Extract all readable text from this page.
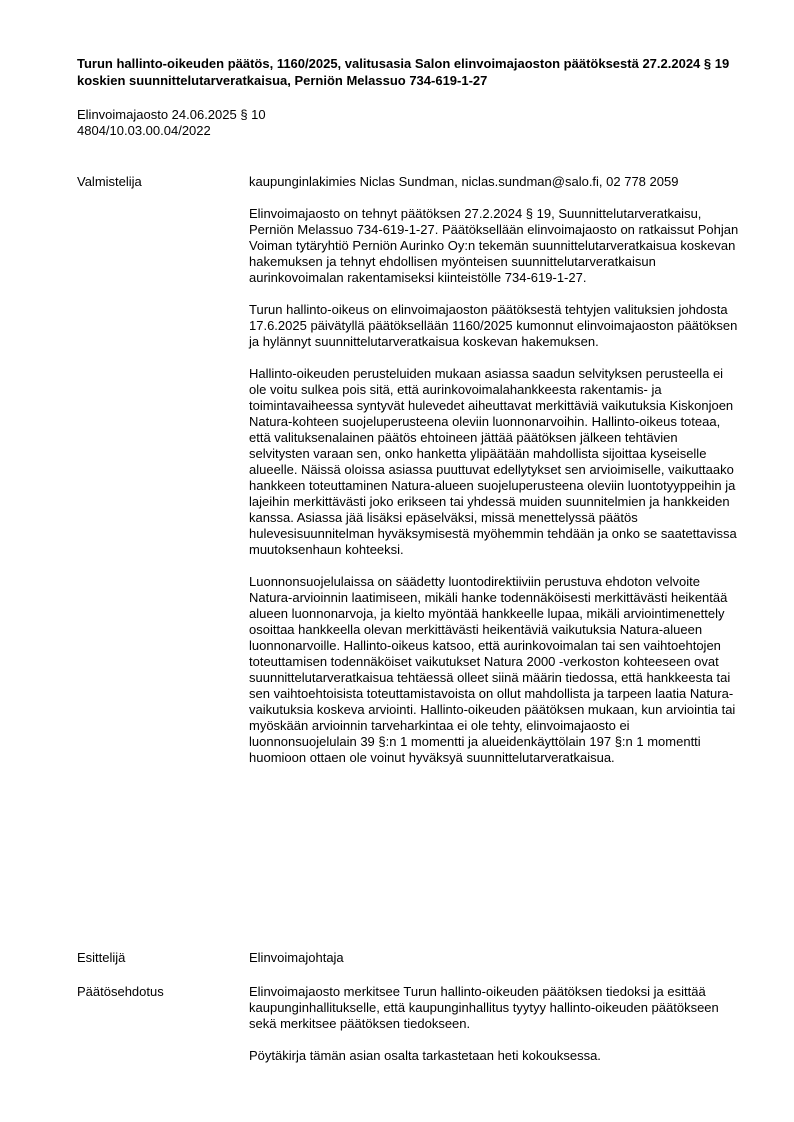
Turun hallinto-oikeuden päätös, 1160/2025, valitusasia Salon elinvoimajaoston päätöksestä 27.2.2024 § 19 koskien suunnittelutarveratkaisua, Perniön Melassuo 734-619-1-27
Elinvoimajaosto 24.06.2025 § 10
4804/10.03.00.04/2022
Valmistelija	kaupunginlakimies Niclas Sundman, niclas.sundman@salo.fi, 02 778 2059

Elinvoimajaosto on tehnyt päätöksen 27.2.2024 § 19, Suunnittelutarveratkaisu, Perniön Melassuo 734-619-1-27. Päätöksellään elinvoimajaosto on ratkaissut Pohjan Voiman tytäryhtiö Perniön Aurinko Oy:n tekemän suunnittelutarveratkaisua koskevan hakemuksen ja tehnyt ehdollisen myönteisen suunnittelutarveratkaisun aurinkovoimalan rakentamiseksi kiinteistölle 734-619-1-27.

Turun hallinto-oikeus on elinvoimajaoston päätöksestä tehtyjen valituksien johdosta 17.6.2025 päivätyllä päätöksellään 1160/2025 kumonnut elinvoimajaoston päätöksen ja hylännyt suunnittelutarveratkaisua koskevan hakemuksen.

Hallinto-oikeuden perusteluiden mukaan asiassa saadun selvityksen perusteella ei ole voitu sulkea pois sitä, että aurinkovoimalahankkeesta rakentamis- ja toimintavaiheessa syntyvät hulevedet aiheuttavat merkittäviä vaikutuksia Kiskonjoen Natura-kohteen suojeluperusteena oleviin luonnonarvoihin. Hallinto-oikeus toteaa, että valituksenalainen päätös ehtoineen jättää päätöksen jälkeen tehtävien selvitysten varaan sen, onko hanketta ylipäätään mahdollista sijoittaa kyseiselle alueelle. Näissä oloissa asiassa puuttuvat edellytykset sen arvioimiselle, vaikuttaako hankkeen toteuttaminen Natura-alueen suojeluperusteena oleviin luontotyyppeihin ja lajeihin merkittävästi joko erikseen tai yhdessä muiden suunnitelmien ja hankkeiden kanssa. Asiassa jää lisäksi epäselväksi, missä menettelyssä päätös hulevesisuunnitelman hyväksymisestä myöhemmin tehdään ja onko se saatettavissa muutoksenhaun kohteeksi.

Luonnonsuojelulaissa on säädetty luontodirektiiviin perustuva ehdoton velvoite Natura-arvioinnin laatimiseen, mikäli hanke todennäköisesti merkittävästi heikentää alueen luonnonarvoja, ja kielto myöntää hankkeelle lupaa, mikäli arviointimenettely osoittaa hankkeella olevan merkittävästi heikentäviä vaikutuksia Natura-alueen luonnonarvoille. Hallinto-oikeus katsoo, että aurinkovoimalan tai sen vaihtoehtojen toteuttamisen todennäköiset vaikutukset Natura 2000 -verkoston kohteeseen ovat suunnittelutarveratkaisua tehtäessä olleet siinä määrin tiedossa, että hankkeesta tai sen vaihtoehtoisista toteuttamistavoista on ollut mahdollista ja tarpeen laatia Natura-vaikutuksia koskeva arviointi. Hallinto-oikeuden päätöksen mukaan, kun arviointia tai myöskään arvioinnin tarveharkintaa ei ole tehty, elinvoimajaosto ei luonnonsuojelulain 39 §:n 1 momentti ja alueidenkäyttölain 197 §:n 1 momentti huomioon ottaen ole voinut hyväksyä suunnittelutarveratkaisua.

Esittelijä	Elinvoimajohtaja
Päätösehdotus	Elinvoimajaosto merkitsee Turun hallinto-oikeuden päätöksen tiedoksi ja esittää kaupunginhallitukselle, että kaupunginhallitus tyytyy hallinto-oikeuden päätökseen sekä merkitsee päätöksen tiedokseen.

Pöytäkirja tämän asian osalta tarkastetaan heti kokouksessa.
